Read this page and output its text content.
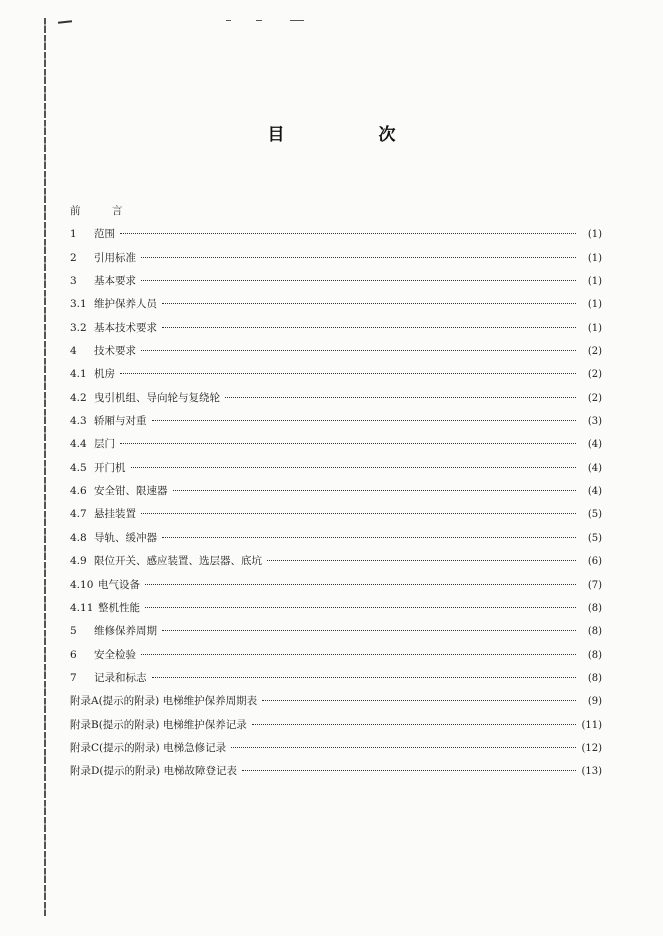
目 次
前 言
1 范围	(1)
2 引用标准	(1)
3 基本要求	(1)
3.1 维护保养人员	(1)
3.2 基本技术要求	(1)
4 技术要求	(2)
4.1 机房	(2)
4.2 曳引机组、导向轮与复绕轮	(2)
4.3 轿厢与对重	(3)
4.4 层门	(4)
4.5 开门机	(4)
4.6 安全钳、限速器	(4)
4.7 悬挂装置	(5)
4.8 导轨、缓冲器	(5)
4.9 限位开关、感应装置、选层器、底坑	(6)
4.10 电气设备	(7)
4.11 整机性能	(8)
5 维修保养周期	(8)
6 安全检验	(8)
7 记录和标志	(8)
附录A(提示的附录) 电梯维护保养周期表	(9)
附录B(提示的附录) 电梯维护保养记录	(11)
附录C(提示的附录) 电梯急修记录	(12)
附录D(提示的附录) 电梯故障登记表	(13)
